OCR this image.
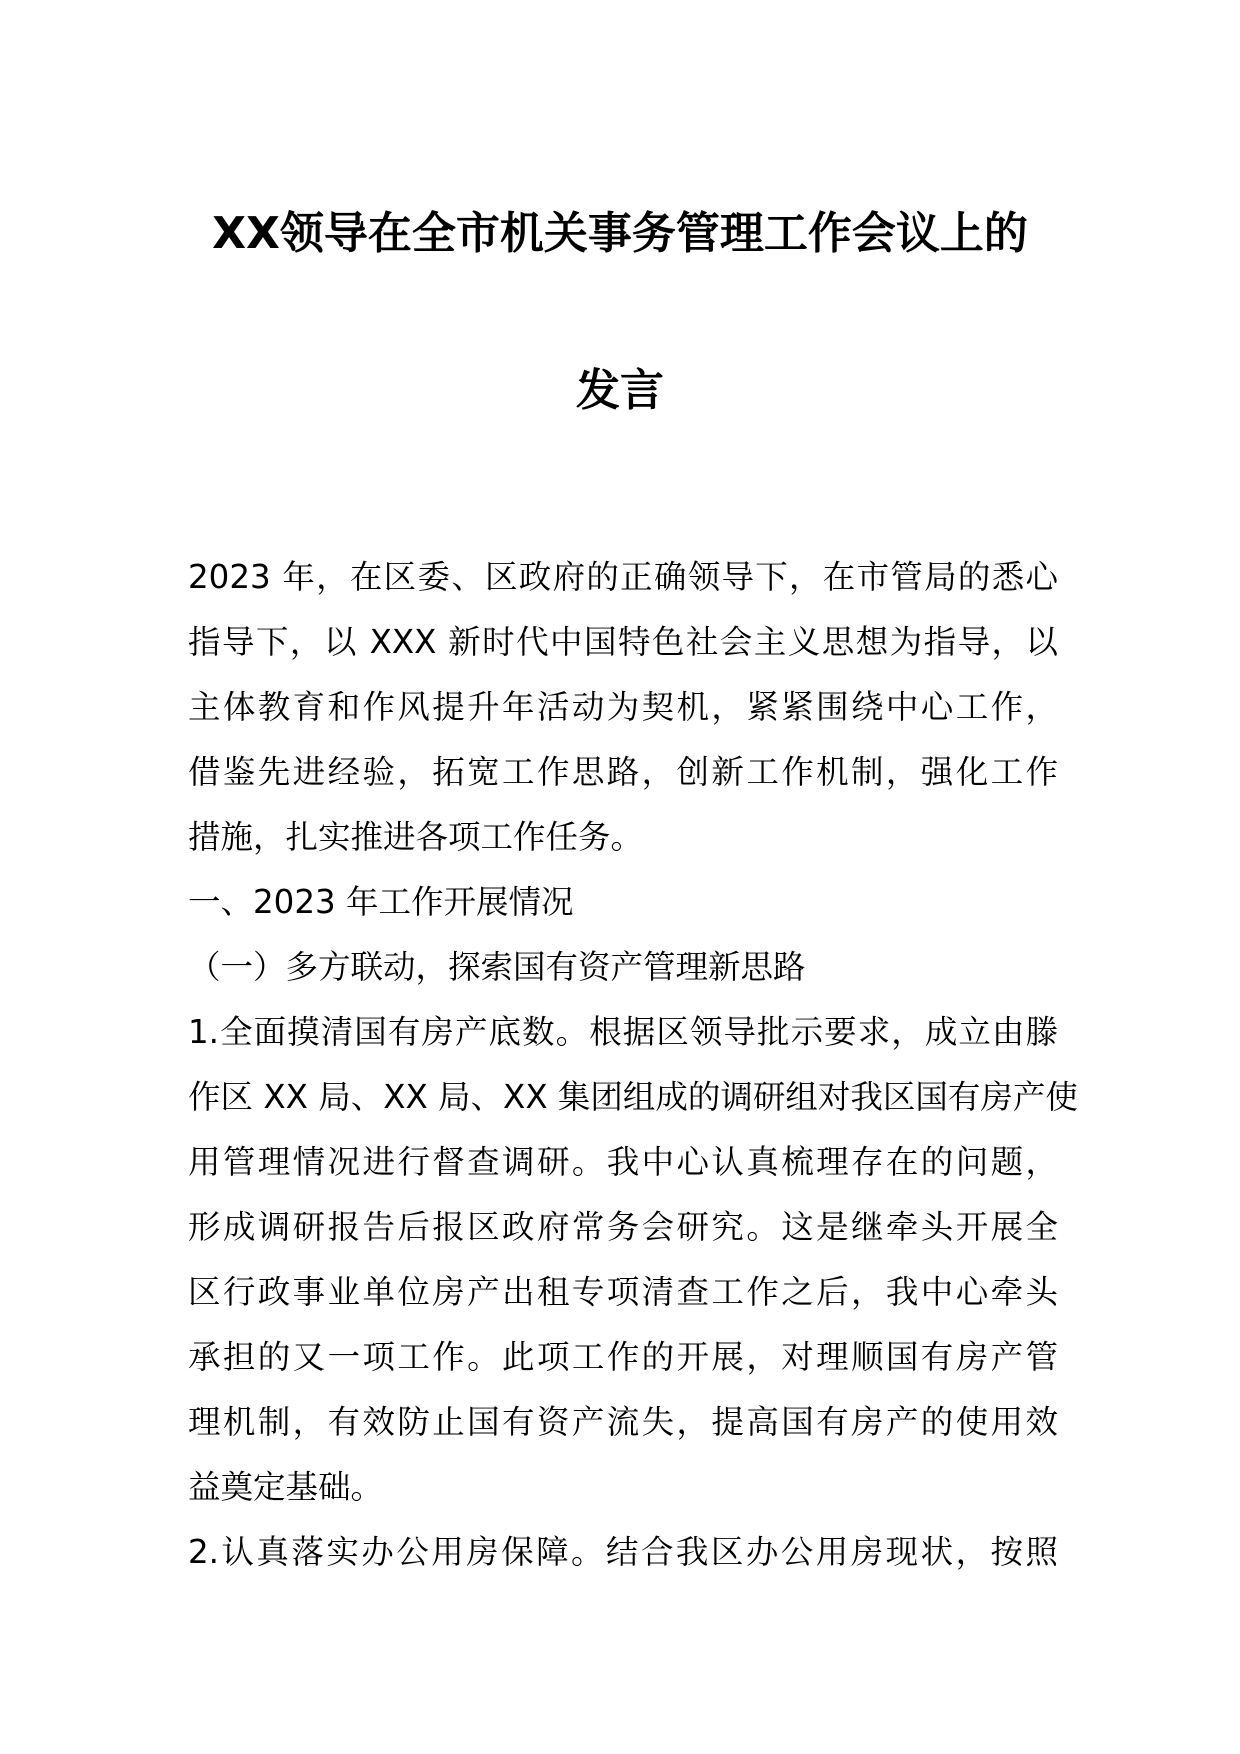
XX领导在全市机关事务管理工作会议上的
发言
2023 年，在区委、区政府的正确领导下，在市管局的悉心
指导下，以 XXX 新时代中国特色社会主义思想为指导，以
主体教育和作风提升年活动为契机，紧紧围绕中心工作，
借鉴先进经验，拓宽工作思路，创新工作机制，强化工作
措施，扎实推进各项工作任务。
一、2023 年工作开展情况
（一）多方联动，探索国有资产管理新思路
1.全面摸清国有房产底数。根据区领导批示要求，成立由滕
作区 XX 局、XX 局、XX 集团组成的调研组对我区国有房产使
用管理情况进行督查调研。我中心认真梳理存在的问题，
形成调研报告后报区政府常务会研究。这是继牵头开展全
区行政事业单位房产出租专项清查工作之后，我中心牵头
承担的又一项工作。此项工作的开展，对理顺国有房产管
理机制，有效防止国有资产流失，提高国有房产的使用效
益奠定基础。
2.认真落实办公用房保障。结合我区办公用房现状，按照
